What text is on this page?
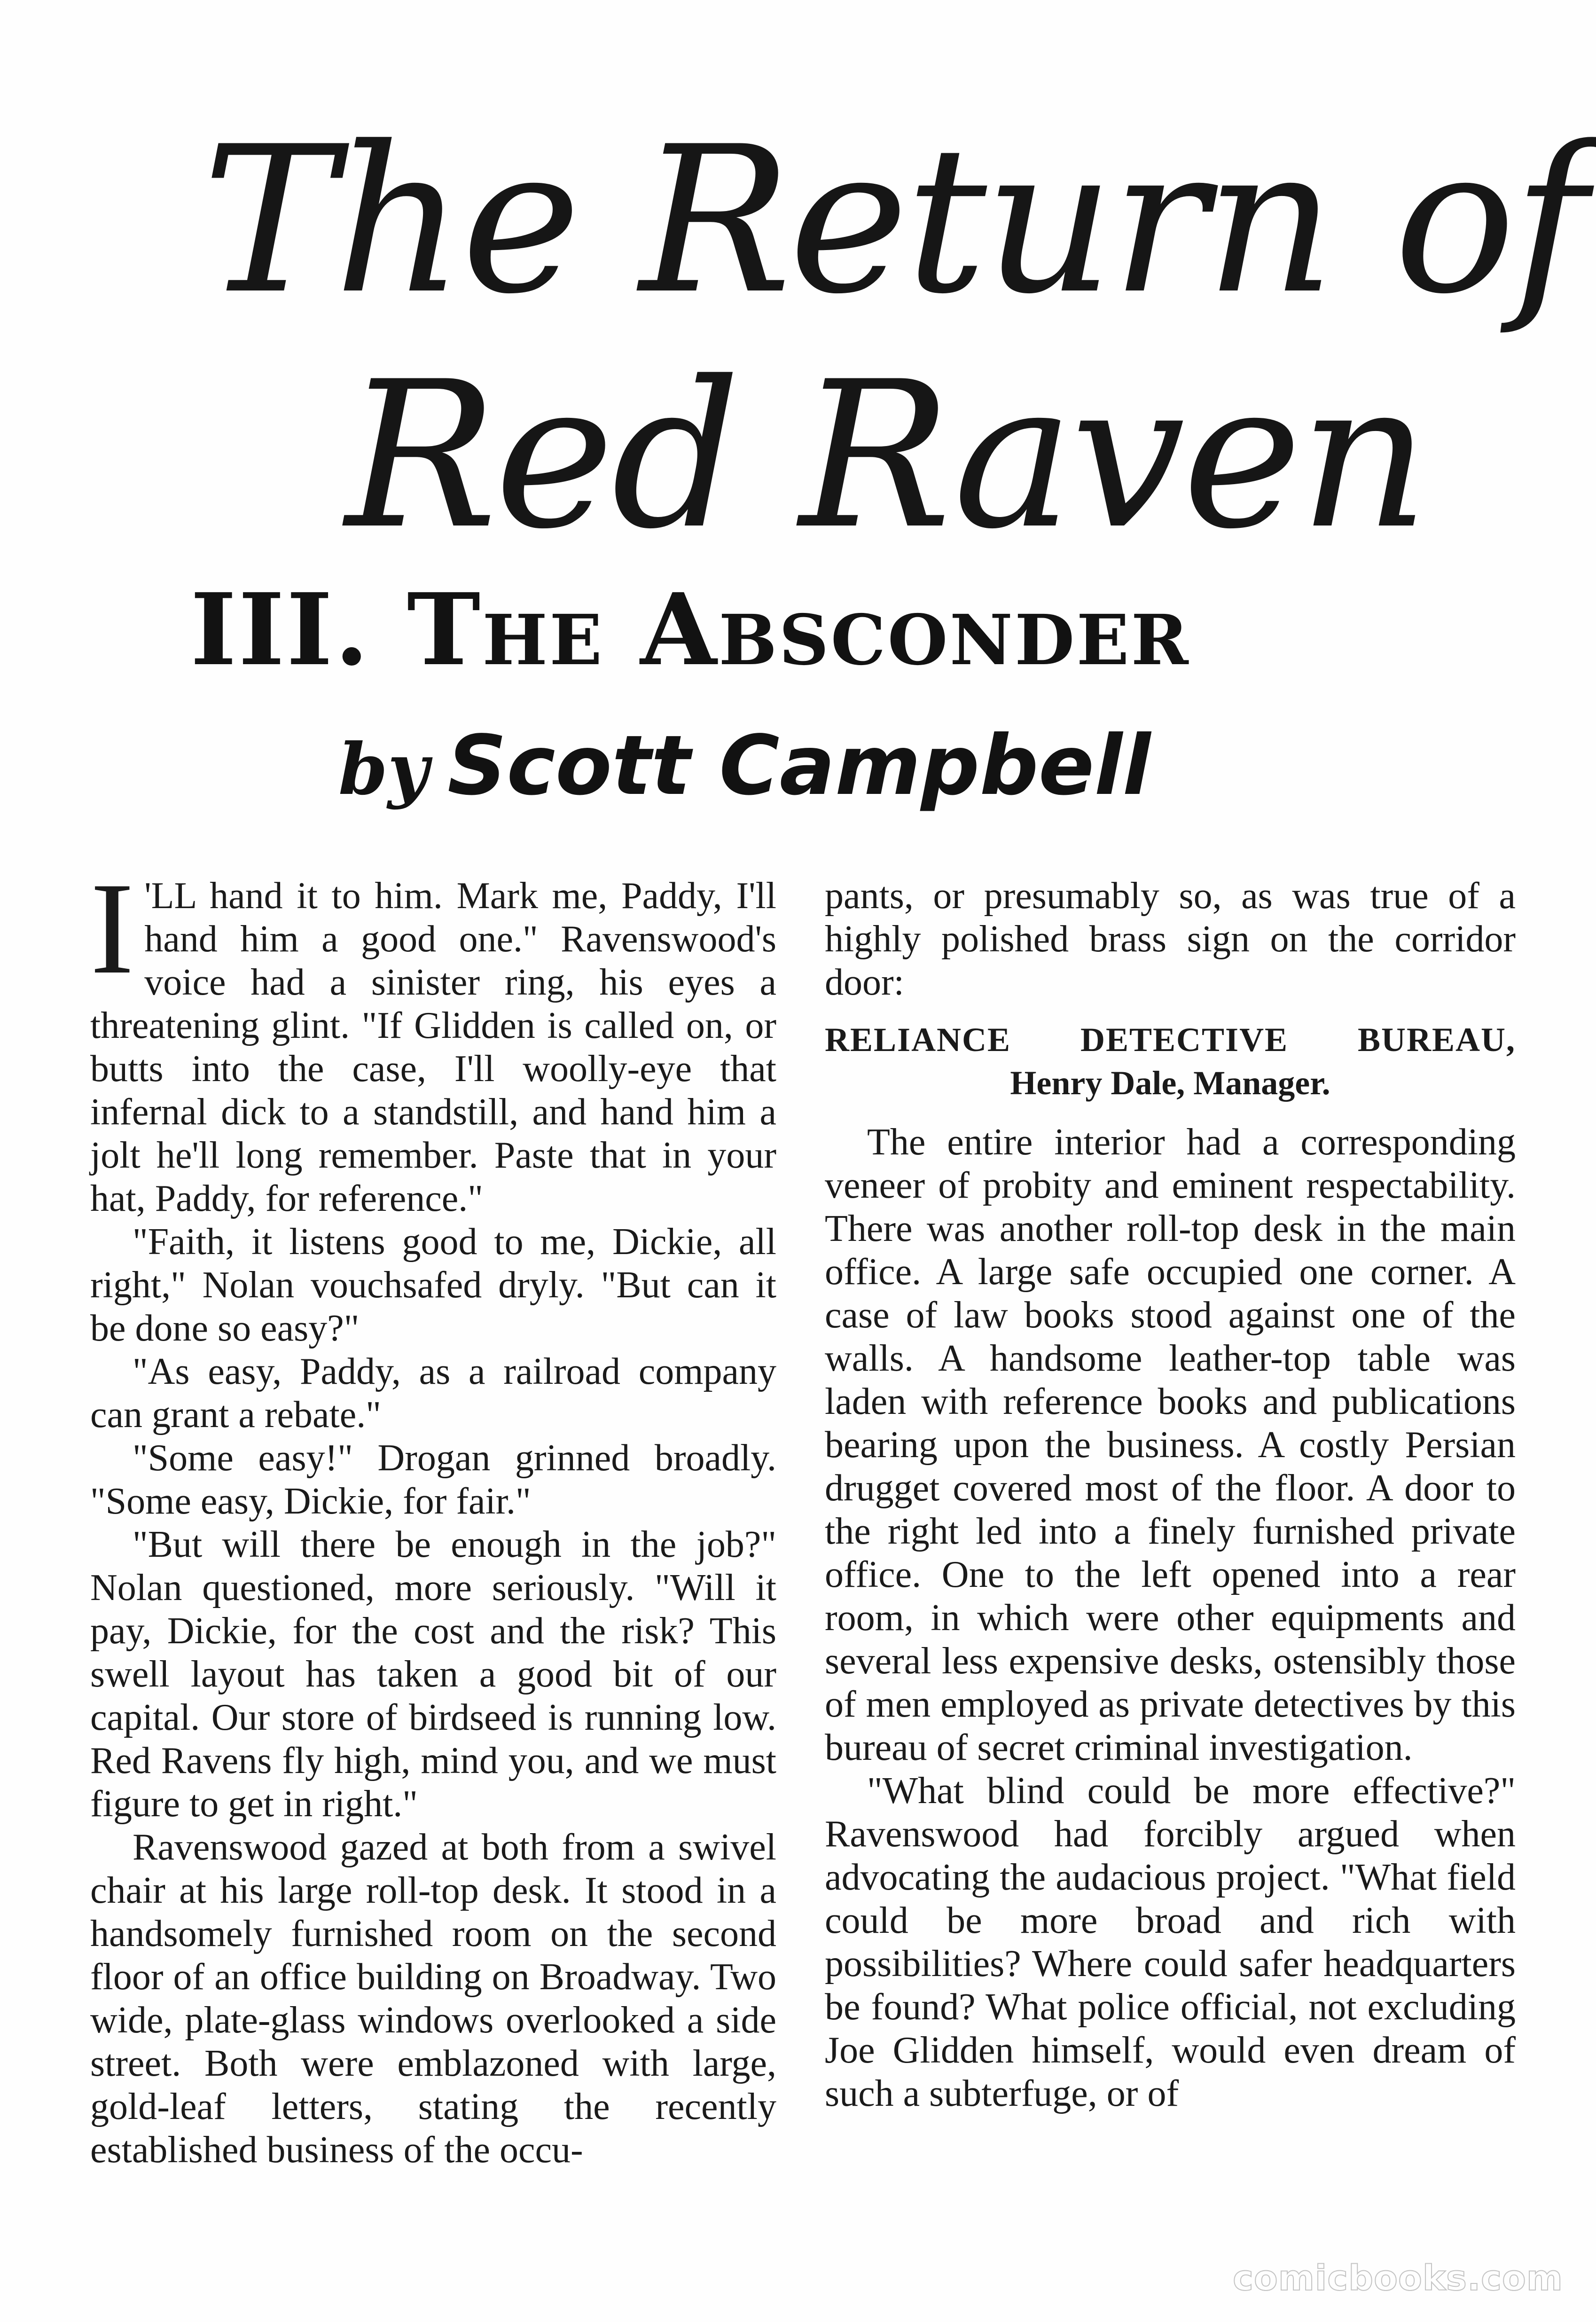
The Return of
Red Raven
III. The Absconder
by Scott Campbell

I 'LL hand it to him. Mark me, Paddy, I'll hand him a good one." Ravenswood's voice had a sinister ring, his eyes a threatening glint. "If Glidden is called on, or butts into the case, I'll woolly-eye that infernal dick to a standstill, and hand him a jolt he'll long remember. Paste that in your hat, Paddy, for reference."

"Faith, it listens good to me, Dickie, all right," Nolan vouchsafed dryly. "But can it be done so easy?"

"As easy, Paddy, as a railroad company can grant a rebate."

"Some easy!" Drogan grinned broadly. "Some easy, Dickie, for fair."

"But will there be enough in the job?" Nolan questioned, more seriously. "Will it pay, Dickie, for the cost and the risk? This swell layout has taken a good bit of our capital. Our store of birdseed is running low. Red Ravens fly high, mind you, and we must figure to get in right."

Ravenswood gazed at both from a swivel chair at his large roll-top desk. It stood in a handsomely furnished room on the second floor of an office building on Broadway. Two wide, plate-glass windows overlooked a side street. Both were emblazoned with large, gold-leaf letters, stating the recently established business of the occu-

pants, or presumably so, as was true of a highly polished brass sign on the corridor door:

RELIANCE DETECTIVE BUREAU,
Henry Dale, Manager.

The entire interior had a corresponding veneer of probity and eminent respectability. There was another roll-top desk in the main office. A large safe occupied one corner. A case of law books stood against one of the walls. A handsome leather-top table was laden with reference books and publications bearing upon the business. A costly Persian drugget covered most of the floor. A door to the right led into a finely furnished private office. One to the left opened into a rear room, in which were other equipments and several less expensive desks, ostensibly those of men employed as private detectives by this bureau of secret criminal investigation.

"What blind could be more effective?" Ravenswood had forcibly argued when advocating the audacious project. "What field could be more broad and rich with possibilities? Where could safer headquarters be found? What police official, not excluding Joe Glidden himself, would even dream of such a subterfuge, or of

comicbooks.com
